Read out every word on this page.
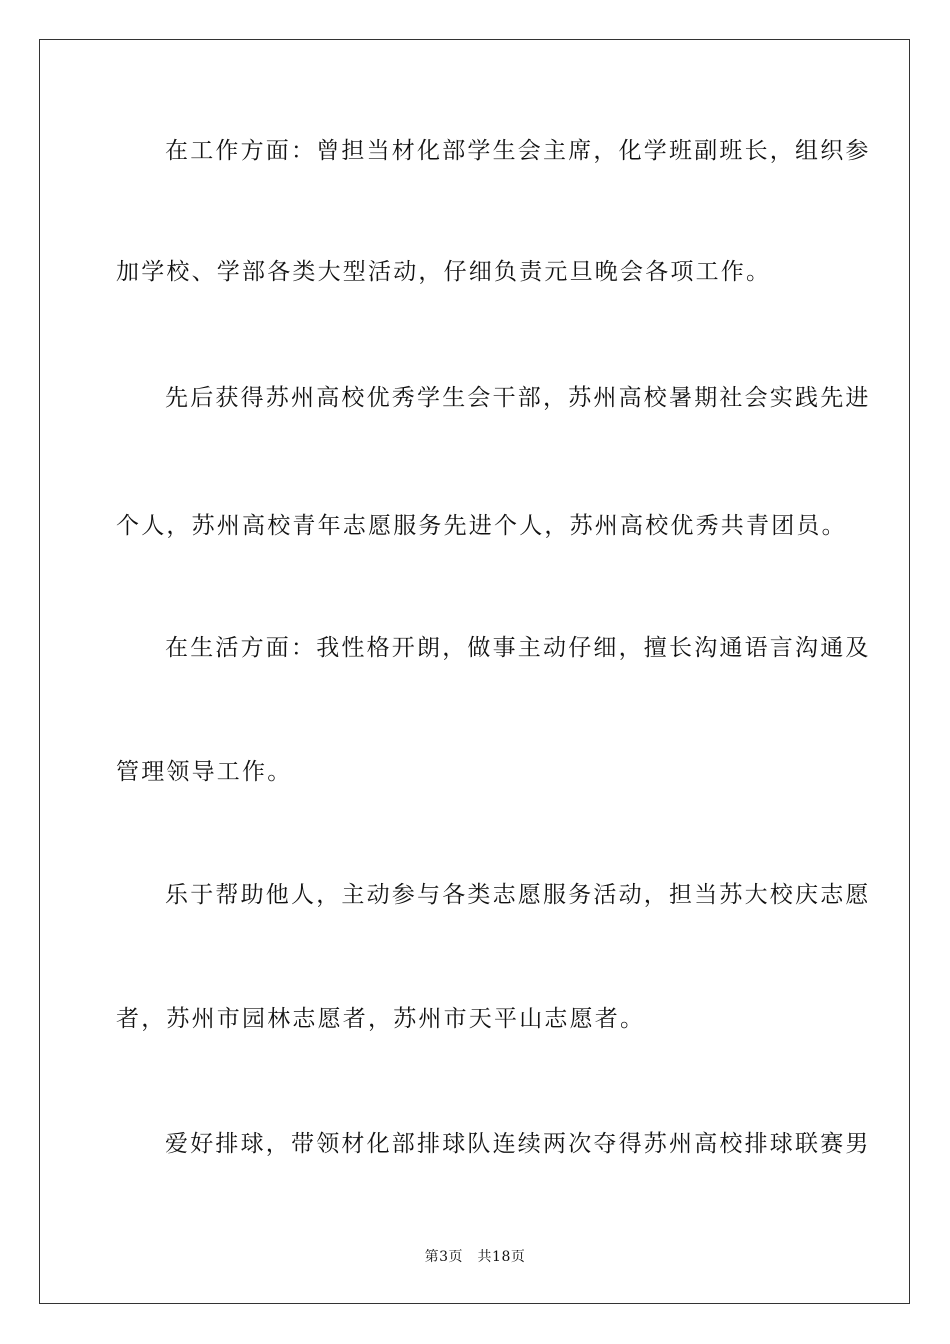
在工作方面：曾担当材化部学生会主席，化学班副班长，组织参
加学校、学部各类大型活动，仔细负责元旦晚会各项工作。
先后获得苏州高校优秀学生会干部，苏州高校暑期社会实践先进
个人，苏州高校青年志愿服务先进个人，苏州高校优秀共青团员。
在生活方面：我性格开朗，做事主动仔细，擅长沟通语言沟通及
管理领导工作。
乐于帮助他人，主动参与各类志愿服务活动，担当苏大校庆志愿
者，苏州市园林志愿者，苏州市天平山志愿者。
爱好排球，带领材化部排球队连续两次夺得苏州高校排球联赛男
第3页　共18页
